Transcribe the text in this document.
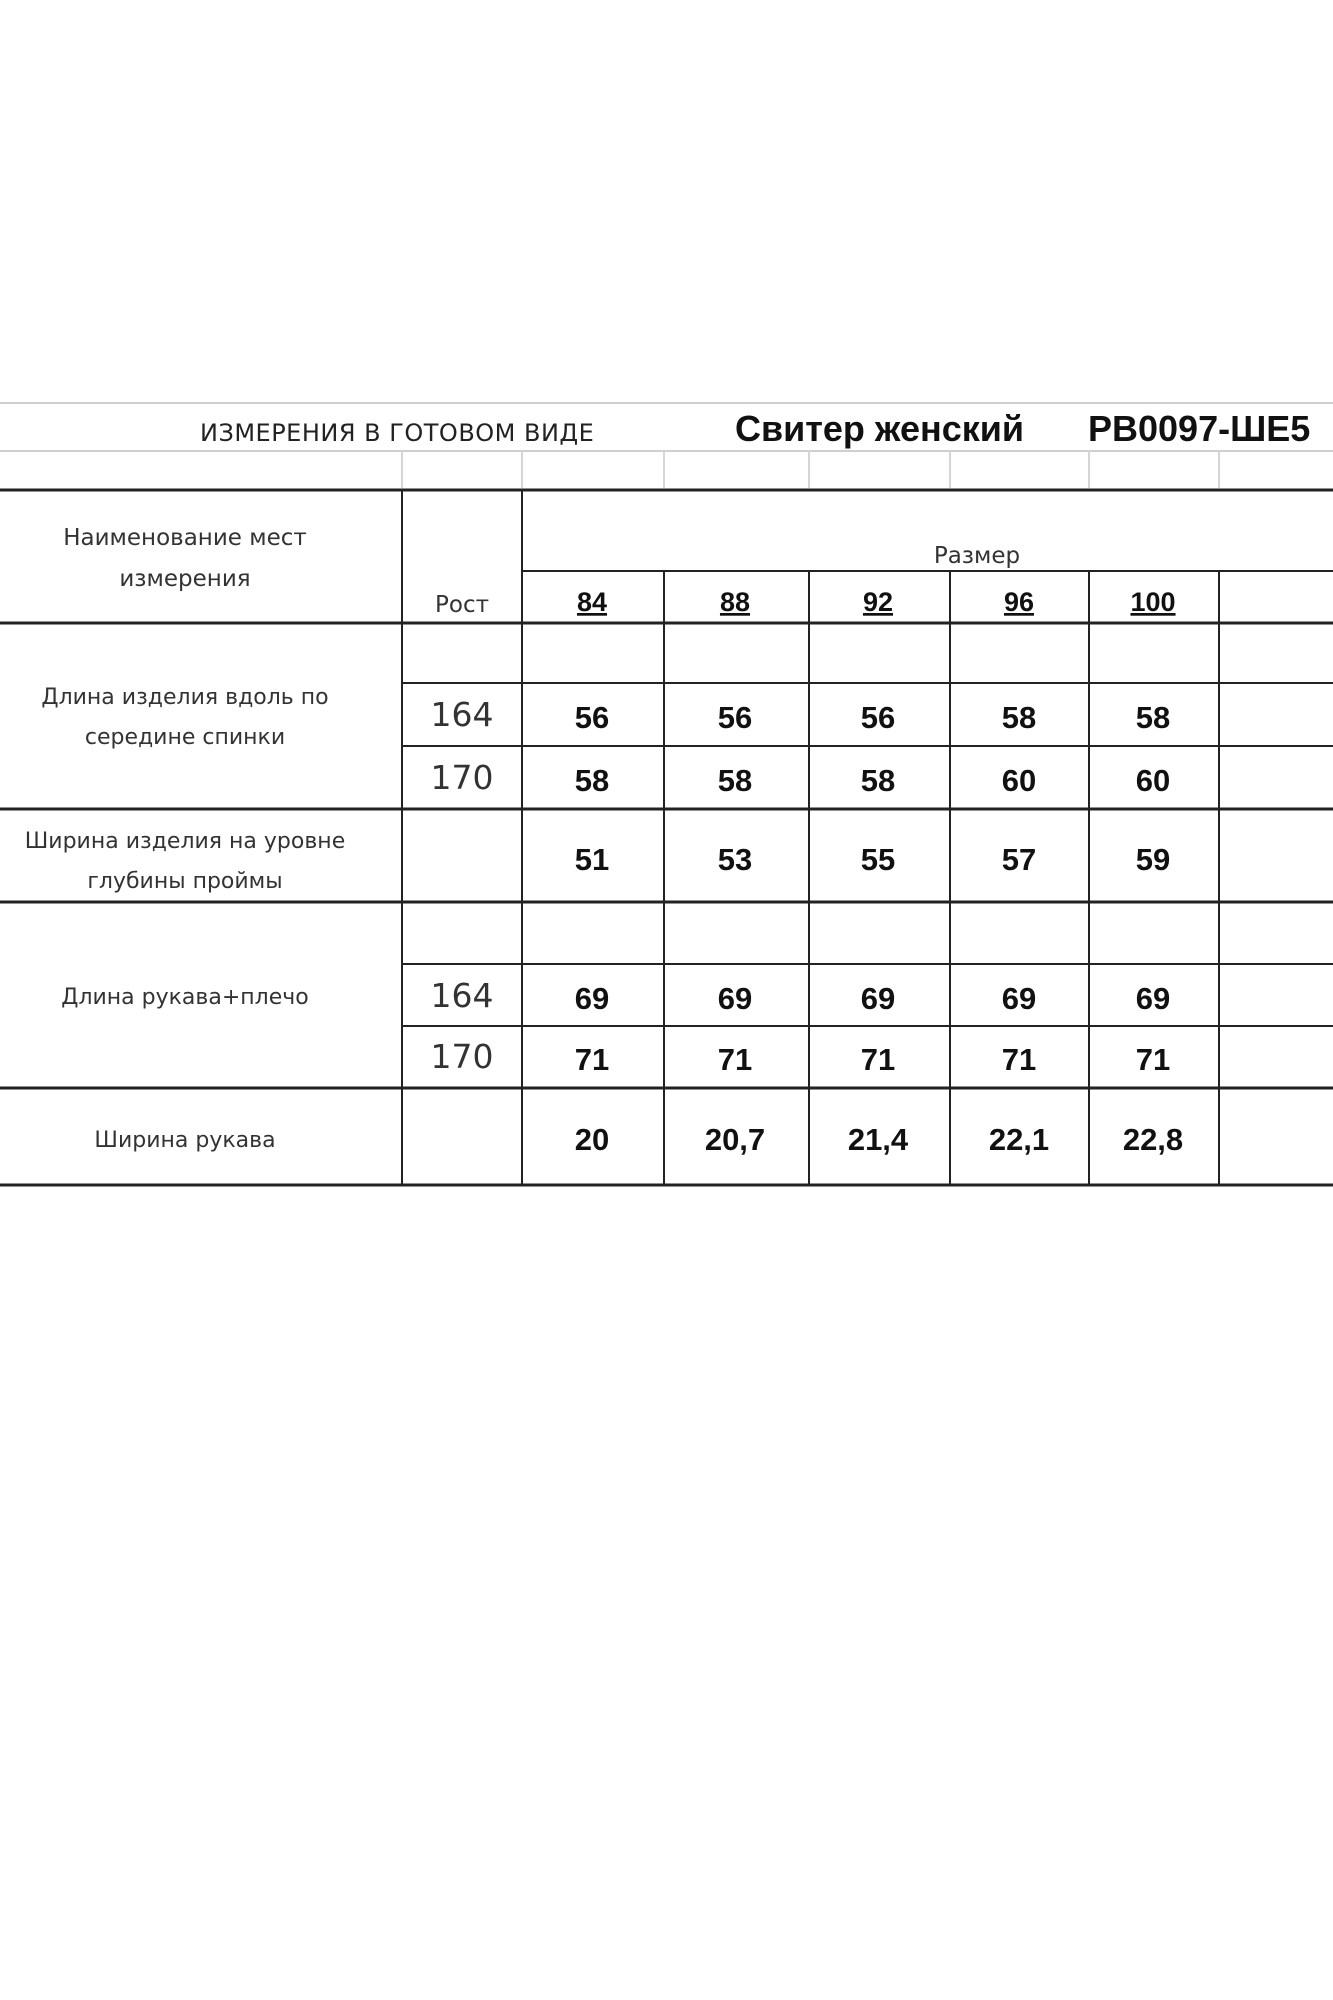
ИЗМЕРЕНИЯ В ГОТОВОМ ВИДЕ	Свитер женский РВ0097-ШЕ5
Наименование мест
измерения
Рост
Размер
84	88	92	96	100
Длина изделия вдоль по
середине спинки
164	56	56	56	58	58
170	58	58	58	60	60
Ширина изделия на уровне
глубины проймы
51	53	55	57	59
Длина рукава+плечо	164	69	69	69	69	69
170	71	71	71	71	71
Ширина рукава	20	20,7	21,4	22,1 22,8
